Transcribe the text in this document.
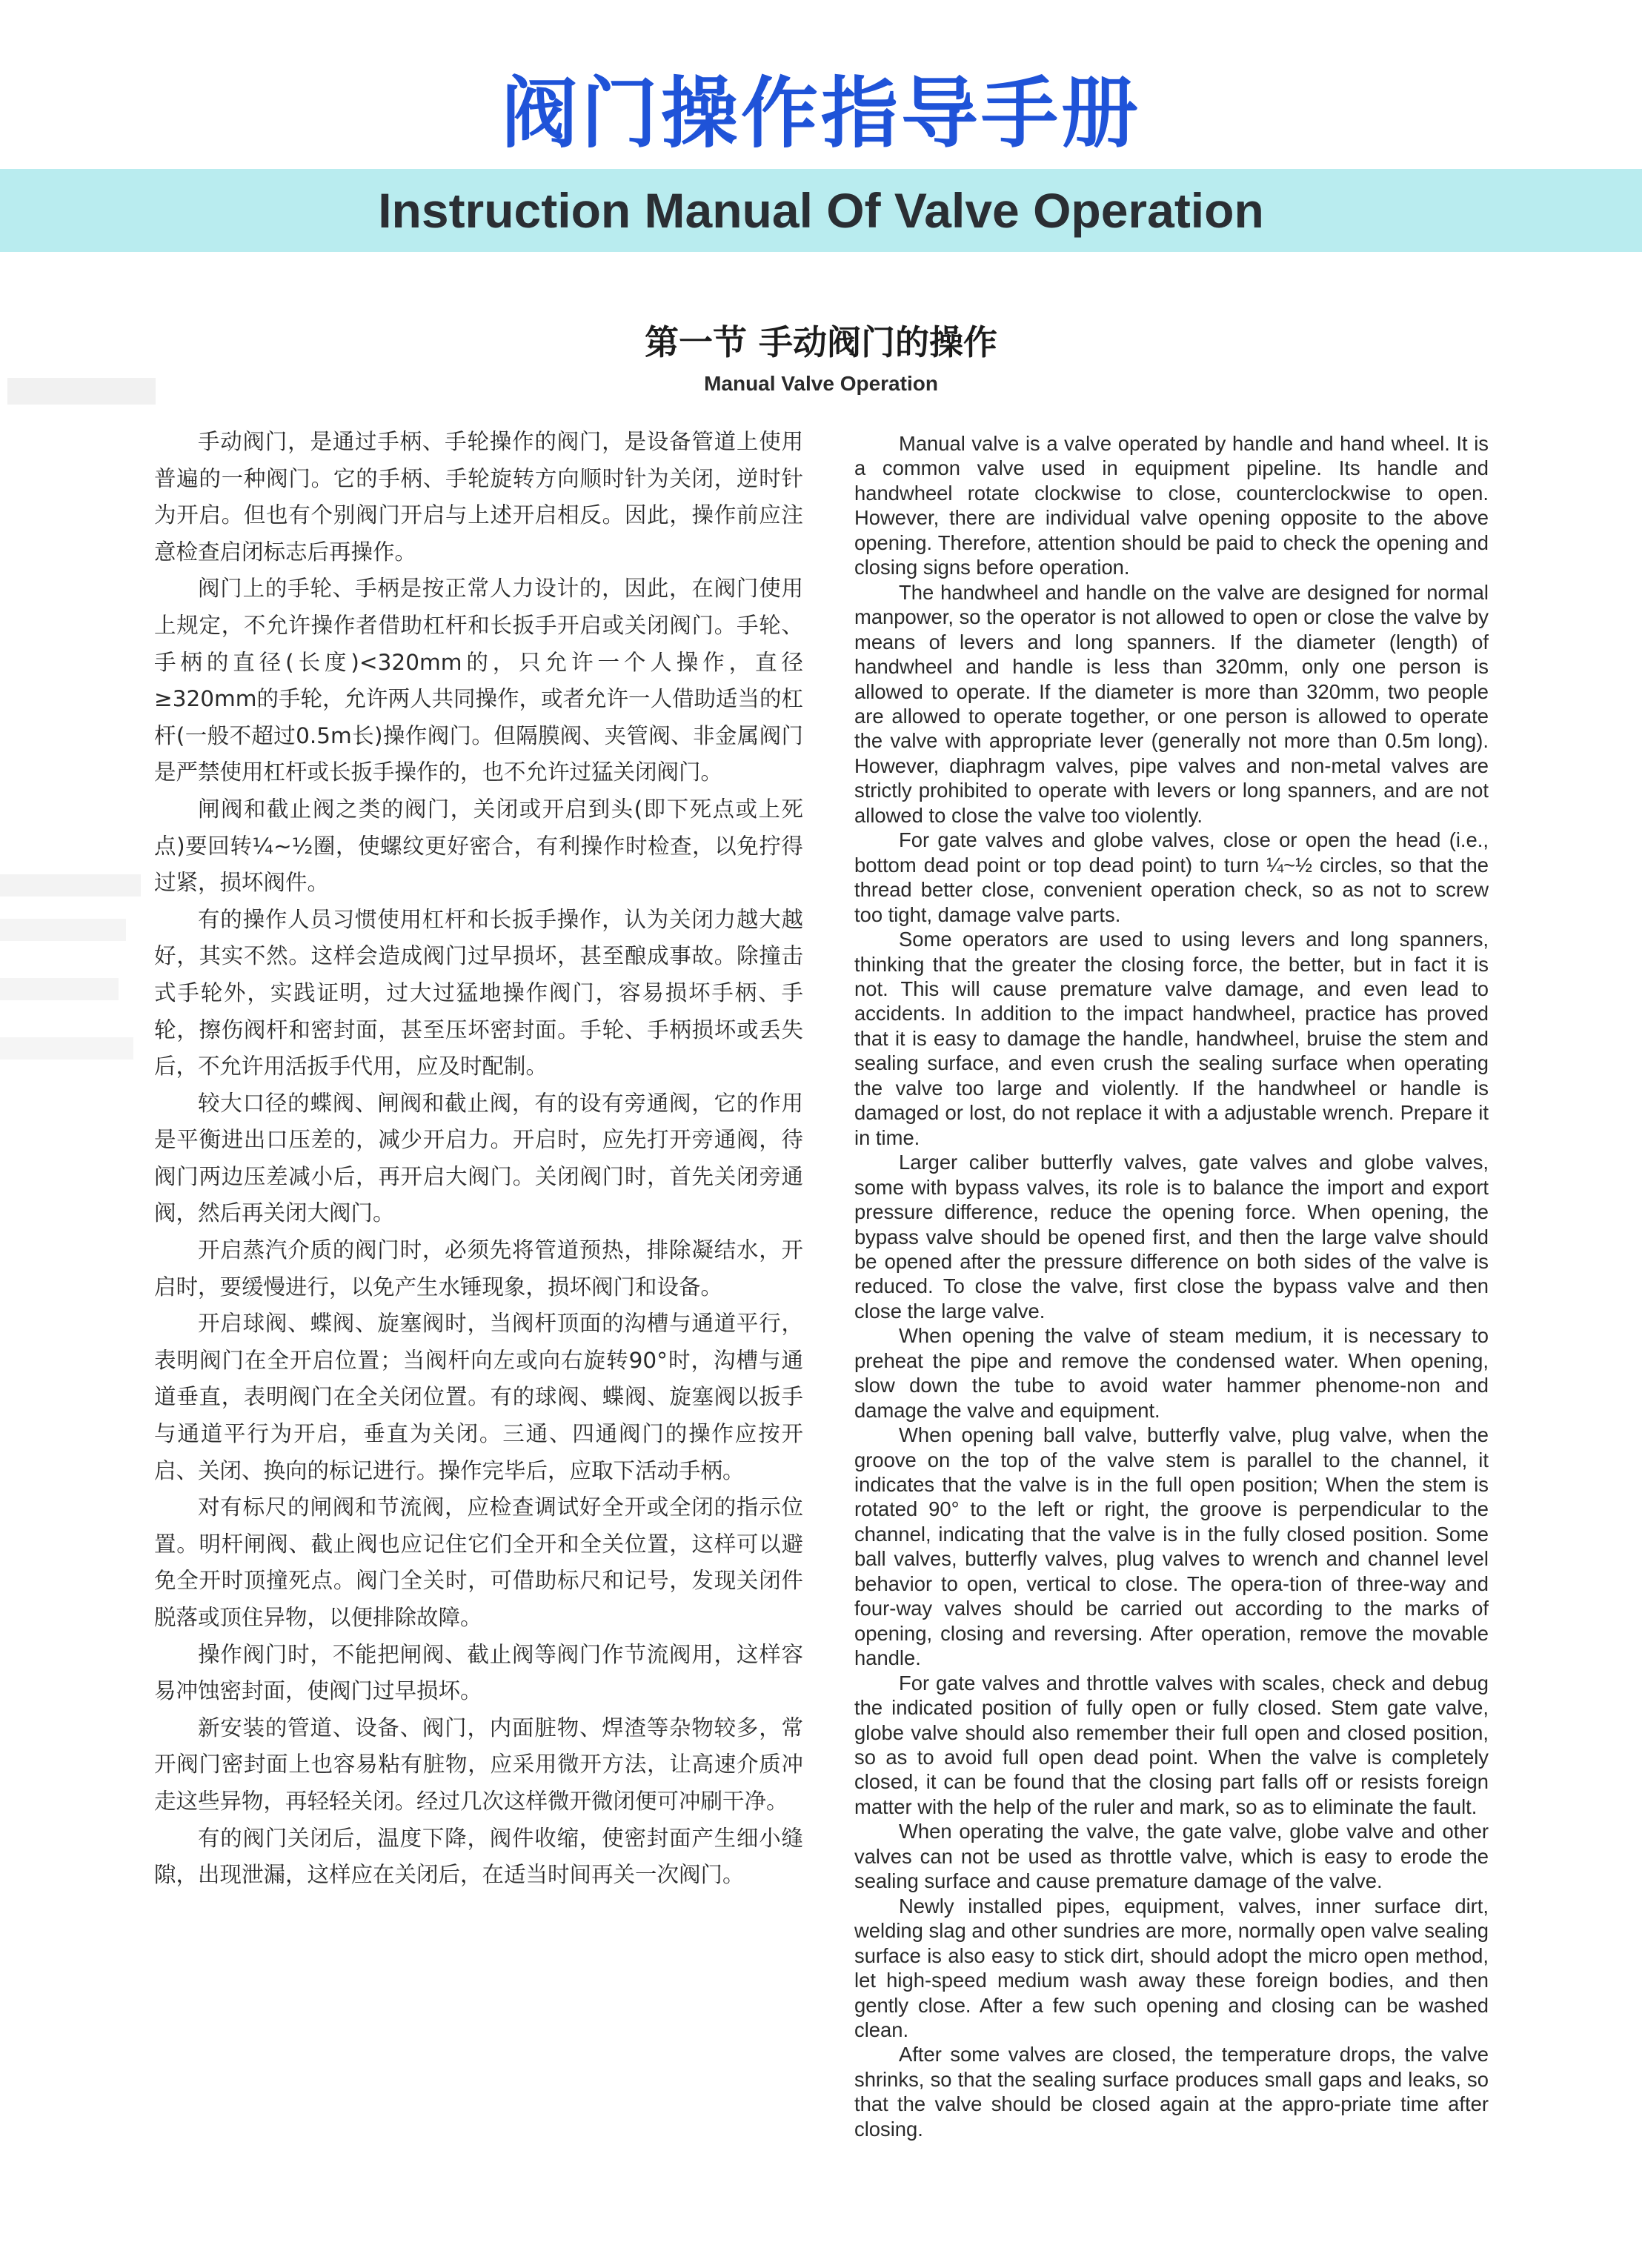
阀门操作指导手册
Instruction Manual Of Valve Operation
第一节 手动阀门的操作
Manual Valve Operation

手动阀门，是通过手柄、手轮操作的阀门，是设备管道上使用普遍的一种阀门。它的手柄、手轮旋转方向顺时针为关闭，逆时针为开启。但也有个别阀门开启与上述开启相反。因此，操作前应注意检查启闭标志后再操作。

阀门上的手轮、手柄是按正常人力设计的，因此，在阀门使用上规定，不允许操作者借助杠杆和长扳手开启或关闭阀门。手轮、手柄的直径(长度)<320mm的，只允许一个人操作，直径≥320mm的手轮，允许两人共同操作，或者允许一人借助适当的杠杆(一般不超过0.5m长)操作阀门。但隔膜阀、夹管阀、非金属阀门是严禁使用杠杆或长扳手操作的，也不允许过猛关闭阀门。

闸阀和截止阀之类的阀门，关闭或开启到头(即下死点或上死点)要回转¼~½圈，使螺纹更好密合，有利操作时检查，以免拧得过紧，损坏阀件。

有的操作人员习惯使用杠杆和长扳手操作，认为关闭力越大越好，其实不然。这样会造成阀门过早损坏，甚至酿成事故。除撞击式手轮外，实践证明，过大过猛地操作阀门，容易损坏手柄、手轮，擦伤阀杆和密封面，甚至压坏密封面。手轮、手柄损坏或丢失后，不允许用活扳手代用，应及时配制。

较大口径的蝶阀、闸阀和截止阀，有的设有旁通阀，它的作用是平衡进出口压差的，减少开启力。开启时，应先打开旁通阀，待阀门两边压差减小后，再开启大阀门。关闭阀门时，首先关闭旁通阀，然后再关闭大阀门。

开启蒸汽介质的阀门时，必须先将管道预热，排除凝结水，开启时，要缓慢进行，以免产生水锤现象，损坏阀门和设备。

开启球阀、蝶阀、旋塞阀时，当阀杆顶面的沟槽与通道平行，表明阀门在全开启位置；当阀杆向左或向右旋转90°时，沟槽与通道垂直，表明阀门在全关闭位置。有的球阀、蝶阀、旋塞阀以扳手与通道平行为开启，垂直为关闭。三通、四通阀门的操作应按开启、关闭、换向的标记进行。操作完毕后，应取下活动手柄。

对有标尺的闸阀和节流阀，应检查调试好全开或全闭的指示位置。明杆闸阀、截止阀也应记住它们全开和全关位置，这样可以避免全开时顶撞死点。阀门全关时，可借助标尺和记号，发现关闭件脱落或顶住异物，以便排除故障。

操作阀门时，不能把闸阀、截止阀等阀门作节流阀用，这样容易冲蚀密封面，使阀门过早损坏。

新安装的管道、设备、阀门，内面脏物、焊渣等杂物较多，常开阀门密封面上也容易粘有脏物，应采用微开方法，让高速介质冲走这些异物，再轻轻关闭。经过几次这样微开微闭便可冲刷干净。

有的阀门关闭后，温度下降，阀件收缩，使密封面产生细小缝隙，出现泄漏，这样应在关闭后，在适当时间再关一次阀门。

Manual valve is a valve operated by handle and hand wheel. It is a common valve used in equipment pipeline. Its handle and handwheel rotate clockwise to close, counterclockwise to open. However, there are individual valve opening opposite to the above opening. Therefore, attention should be paid to check the opening and closing signs before operation.

The handwheel and handle on the valve are designed for normal manpower, so the operator is not allowed to open or close the valve by means of levers and long spanners. If the diameter (length) of handwheel and handle is less than 320mm, only one person is allowed to operate. If the diameter is more than 320mm, two people are allowed to operate together, or one person is allowed to operate the valve with appropriate lever (generally not more than 0.5m long). However, diaphragm valves, pipe valves and non-metal valves are strictly prohibited to operate with levers or long spanners, and are not allowed to close the valve too violently.

For gate valves and globe valves, close or open the head (i.e., bottom dead point or top dead point) to turn ¼~½ circles, so that the thread better close, convenient operation check, so as not to screw too tight, damage valve parts.

Some operators are used to using levers and long spanners, thinking that the greater the closing force, the better, but in fact it is not. This will cause premature valve damage, and even lead to accidents. In addition to the impact handwheel, practice has proved that it is easy to damage the handle, handwheel, bruise the stem and sealing surface, and even crush the sealing surface when operating the valve too large and violently. If the handwheel or handle is damaged or lost, do not replace it with a adjustable wrench. Prepare it in time.

Larger caliber butterfly valves, gate valves and globe valves, some with bypass valves, its role is to balance the import and export pressure difference, reduce the opening force. When opening, the bypass valve should be opened first, and then the large valve should be opened after the pressure difference on both sides of the valve is reduced. To close the valve, first close the bypass valve and then close the large valve.

When opening the valve of steam medium, it is necessary to preheat the pipe and remove the condensed water. When opening, slow down the tube to avoid water hammer phenome-non and damage the valve and equipment.

When opening ball valve, butterfly valve, plug valve, when the groove on the top of the valve stem is parallel to the channel, it indicates that the valve is in the full open position; When the stem is rotated 90° to the left or right, the groove is perpendicular to the channel, indicating that the valve is in the fully closed position. Some ball valves, butterfly valves, plug valves to wrench and channel level behavior to open, vertical to close. The opera-tion of three-way and four-way valves should be carried out according to the marks of opening, closing and reversing. After operation, remove the movable handle.

For gate valves and throttle valves with scales, check and debug the indicated position of fully open or fully closed. Stem gate valve, globe valve should also remember their full open and closed position, so as to avoid full open dead point. When the valve is completely closed, it can be found that the closing part falls off or resists foreign matter with the help of the ruler and mark, so as to eliminate the fault.

When operating the valve, the gate valve, globe valve and other valves can not be used as throttle valve, which is easy to erode the sealing surface and cause premature damage of the valve.

Newly installed pipes, equipment, valves, inner surface dirt, welding slag and other sundries are more, normally open valve sealing surface is also easy to stick dirt, should adopt the micro open method, let high-speed medium wash away these foreign bodies, and then gently close. After a few such opening and closing can be washed clean.

After some valves are closed, the temperature drops, the valve shrinks, so that the sealing surface produces small gaps and leaks, so that the valve should be closed again at the appro-priate time after closing.
